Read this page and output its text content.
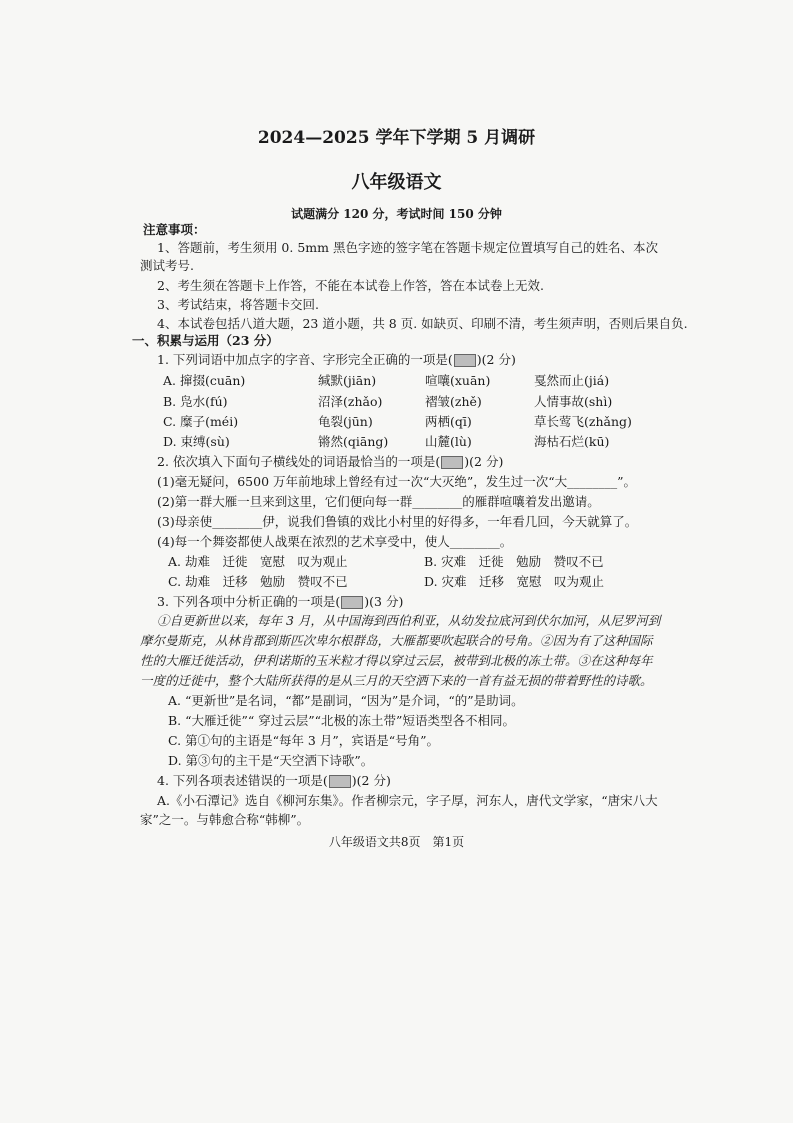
2024—2025 学年下学期 5 月调研
八年级语文
试题满分 120 分，考试时间 150 分钟
注意事项：
1、答题前，考生须用 0. 5mm 黑色字迹的签字笔在答题卡规定位置填写自己的姓名、本次
测试考号.
2、考生须在答题卡上作答，不能在本试卷上作答，答在本试卷上无效.
3、考试结束，将答题卡交回.
4、本试卷包括八道大题，23 道小题，共 8 页. 如缺页、印刷不清，考生须声明，否则后果自负.
一、积累与运用（23 分）
1. 下列词语中加点字的字音、字形完全正确的一项是( )(2 分)
A. 撺掇(cuān)	缄默(jiān)	喧嚷(xuān)	戛然而止(jiá)
B. 凫水(fú)	沼泽(zhǎo)	褶皱(zhě)	人情事故(shì)
C. 糜子(méi)	龟裂(jūn)	两栖(qī)	草长莺飞(zhǎng)
D. 束缚(sù)	锵然(qiāng)	山麓(lù)	海枯石烂(kū)
2. 依次填入下面句子横线处的词语最恰当的一项是( )(2 分)
(1)毫无疑问，6500 万年前地球上曾经有过一次“大灭绝”，发生过一次“大________”。
(2)第一群大雁一旦来到这里，它们便向每一群________的雁群喧嚷着发出邀请。
(3)母亲使________伊，说我们鲁镇的戏比小村里的好得多，一年看几回，今天就算了。
(4)每一个舞姿都使人战栗在浓烈的艺术享受中，使人________。
A. 劫难　迁徙　宽慰　叹为观止	B. 灾难　迁徙　勉励　赞叹不已
C. 劫难　迁移　勉励　赞叹不已	D. 灾难　迁移　宽慰　叹为观止
3. 下列各项中分析正确的一项是( )(3 分)
①自更新世以来，每年 3 月，从中国海到西伯利亚，从幼发拉底河到伏尔加河，从尼罗河到
摩尔曼斯克，从林肯郡到斯匹次卑尔根群岛，大雁都要吹起联合的号角。②因为有了这种国际
性的大雁迁徙活动，伊利诺斯的玉米粒才得以穿过云层，被带到北极的冻土带。③在这种每年
一度的迁徙中，整个大陆所获得的是从三月的天空洒下来的一首有益无损的带着野性的诗歌。
A. “更新世”是名词，“都”是副词，“因为”是介词，“的”是助词。
B. “大雁迁徙”“ 穿过云层”“北极的冻土带”短语类型各不相同。
C. 第①句的主语是“每年 3 月”，宾语是“号角”。
D. 第③句的主干是“天空洒下诗歌”。
4. 下列各项表述错误的一项是( )(2 分)
A.《小石潭记》选自《柳河东集》。作者柳宗元，字子厚，河东人，唐代文学家，“唐宋八大
家”之一。与韩愈合称“韩柳”。
八年级语文共8页　第1页
